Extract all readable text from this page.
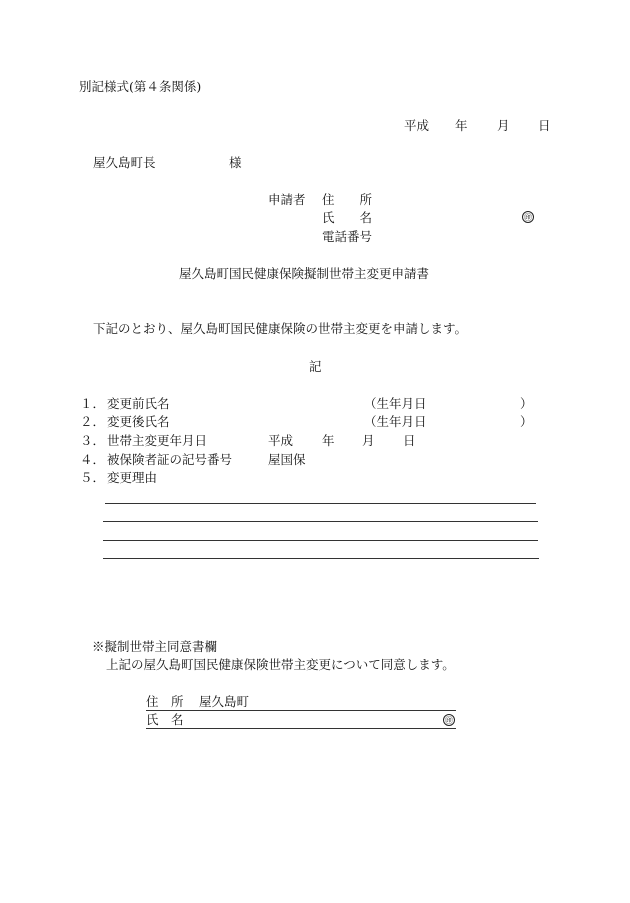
別記様式(第４条関係)
平成 年 月 日
屋久島町長	様
申請者 住　　所
氏　　名	㊞
電話番号
屋久島町国民健康保険擬制世帯主変更申請書
下記のとおり、屋久島町国民健康保険の世帯主変更を申請します。
記
１． 変更前氏名	（生年月日	）
２． 変更後氏名	（生年月日	）
３． 世帯主変更年月日	平成 年 月 日
４． 被保険者証の記号番号	屋国保
５． 変更理由
※擬制世帯主同意書欄
上記の屋久島町国民健康保険世帯主変更について同意します。
住　所 屋久島町
氏　名	㊞
